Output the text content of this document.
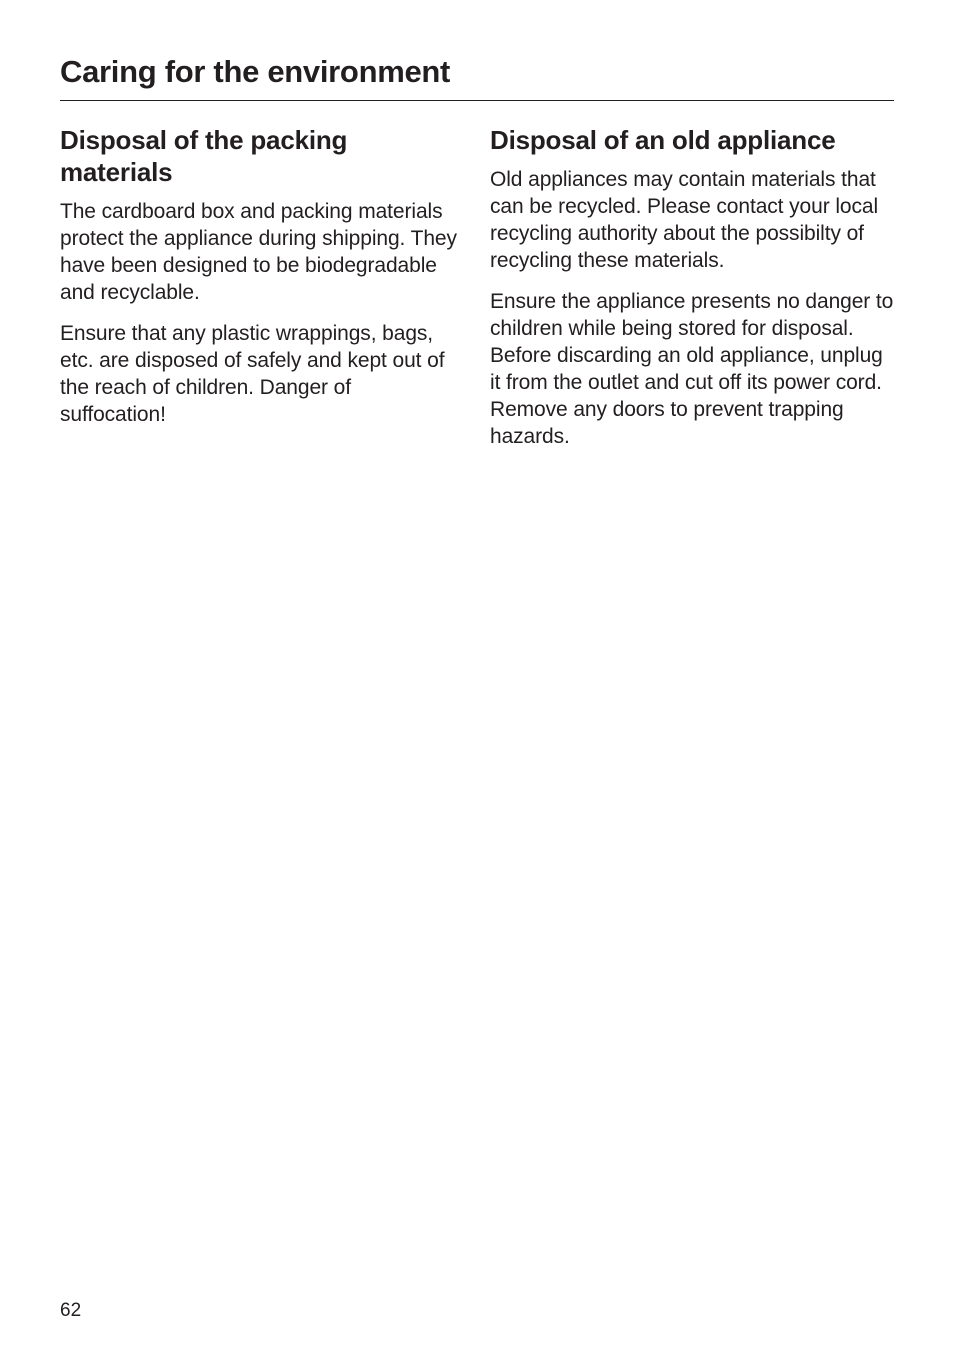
Caring for the environment
Disposal of the packing materials

The cardboard box and packing materials protect the appliance during shipping. They have been designed to be biodegradable and recyclable.

Ensure that any plastic wrappings, bags, etc. are disposed of safely and kept out of the reach of children. Danger of suffocation!

Disposal of an old appliance

Old appliances may contain materials that can be recycled. Please contact your local recycling authority about the possibilty of recycling these materials.

Ensure the appliance presents no danger to children while being stored for disposal. Before discarding an old appliance, unplug it from the outlet and cut off its power cord. Remove any doors to prevent trapping hazards.

62
